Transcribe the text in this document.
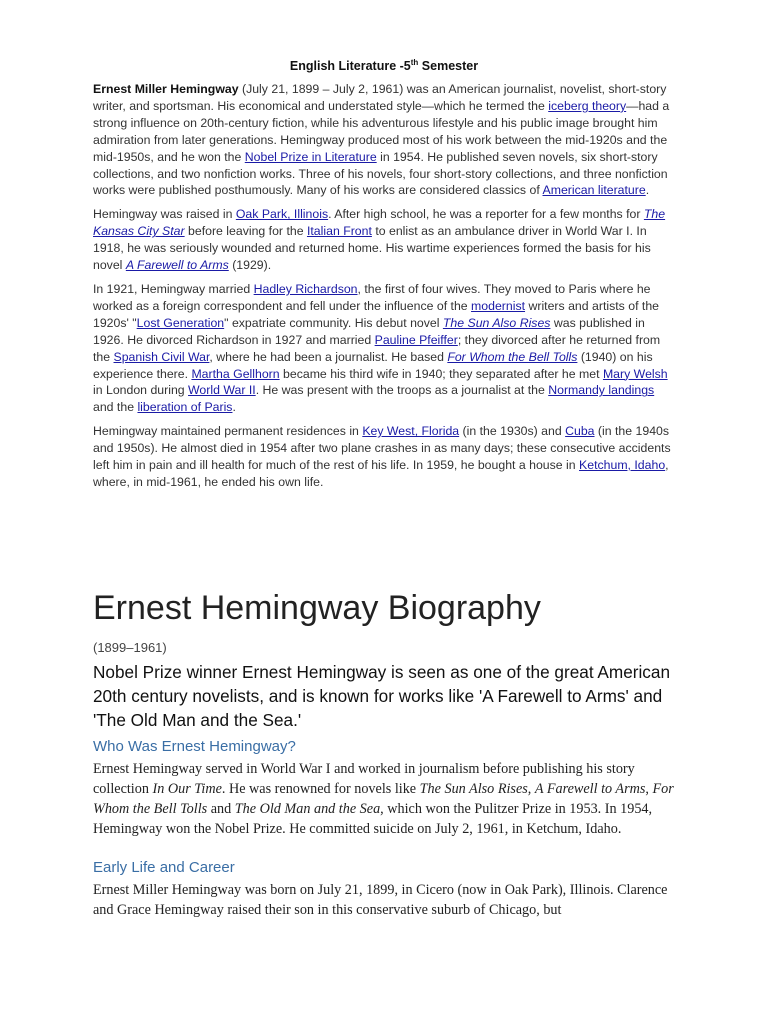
English Literature -5th Semester

Ernest Miller Hemingway (July 21, 1899 – July 2, 1961) was an American journalist, novelist, short-story writer, and sportsman. His economical and understated style—which he termed the iceberg theory—had a strong influence on 20th-century fiction, while his adventurous lifestyle and his public image brought him admiration from later generations. Hemingway produced most of his work between the mid-1920s and the mid-1950s, and he won the Nobel Prize in Literature in 1954. He published seven novels, six short-story collections, and two nonfiction works. Three of his novels, four short-story collections, and three nonfiction works were published posthumously. Many of his works are considered classics of American literature.

Hemingway was raised in Oak Park, Illinois. After high school, he was a reporter for a few months for The Kansas City Star before leaving for the Italian Front to enlist as an ambulance driver in World War I. In 1918, he was seriously wounded and returned home. His wartime experiences formed the basis for his novel A Farewell to Arms (1929).

In 1921, Hemingway married Hadley Richardson, the first of four wives. They moved to Paris where he worked as a foreign correspondent and fell under the influence of the modernist writers and artists of the 1920s' "Lost Generation" expatriate community. His debut novel The Sun Also Rises was published in 1926. He divorced Richardson in 1927 and married Pauline Pfeiffer; they divorced after he returned from the Spanish Civil War, where he had been a journalist. He based For Whom the Bell Tolls (1940) on his experience there. Martha Gellhorn became his third wife in 1940; they separated after he met Mary Welsh in London during World War II. He was present with the troops as a journalist at the Normandy landings and the liberation of Paris.

Hemingway maintained permanent residences in Key West, Florida (in the 1930s) and Cuba (in the 1940s and 1950s). He almost died in 1954 after two plane crashes in as many days; these consecutive accidents left him in pain and ill health for much of the rest of his life. In 1959, he bought a house in Ketchum, Idaho, where, in mid-1961, he ended his own life.

Ernest Hemingway Biography
(1899–1961)
Nobel Prize winner Ernest Hemingway is seen as one of the great American 20th century novelists, and is known for works like 'A Farewell to Arms' and 'The Old Man and the Sea.'
Who Was Ernest Hemingway?
Ernest Hemingway served in World War I and worked in journalism before publishing his story collection In Our Time. He was renowned for novels like The Sun Also Rises, A Farewell to Arms, For Whom the Bell Tolls and The Old Man and the Sea, which won the Pulitzer Prize in 1953. In 1954, Hemingway won the Nobel Prize. He committed suicide on July 2, 1961, in Ketchum, Idaho.
Early Life and Career
Ernest Miller Hemingway was born on July 21, 1899, in Cicero (now in Oak Park), Illinois. Clarence and Grace Hemingway raised their son in this conservative suburb of Chicago, but
